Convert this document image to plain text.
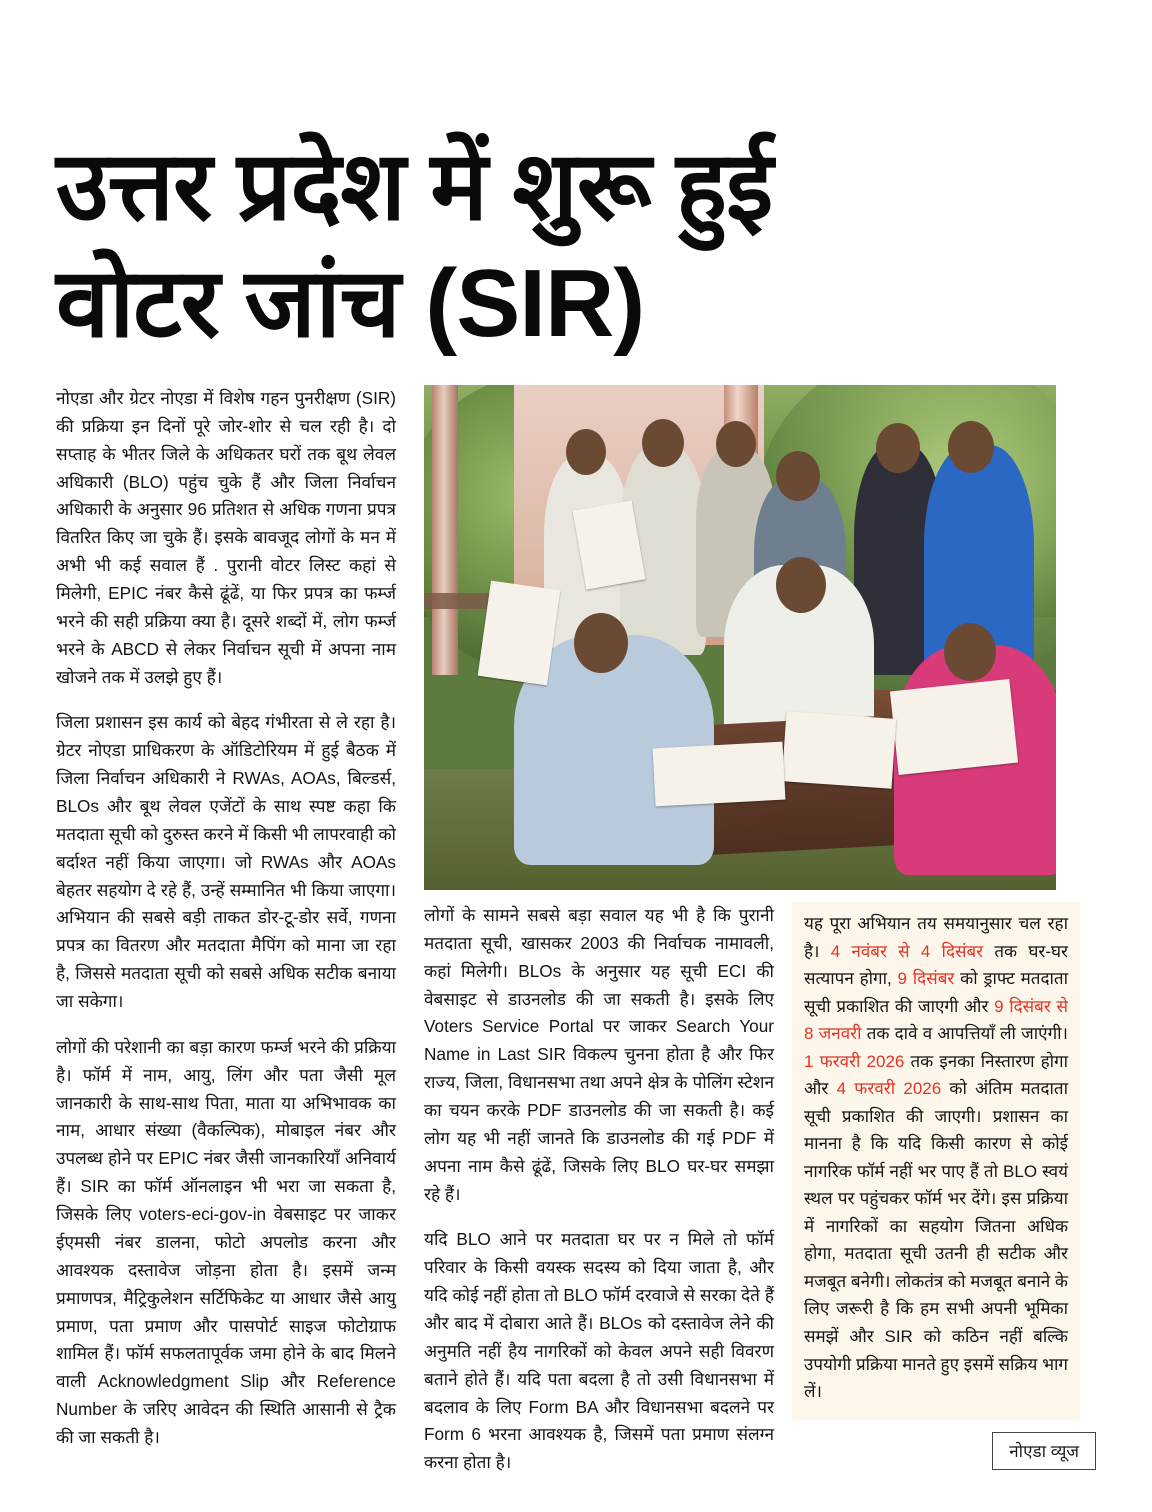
उत्तर प्रदेश में शुरू हुई
वोटर जांच (SIR)

नोएडा और ग्रेटर नोएडा में विशेष गहन पुनरीक्षण (SIR) की प्रक्रिया इन दिनों पूरे जोर-शोर से चल रही है। दो सप्ताह के भीतर जिले के अधिकतर घरों तक बूथ लेवल अधिकारी (BLO) पहुंच चुके हैं और जिला निर्वाचन अधिकारी के अनुसार 96 प्रतिशत से अधिक गणना प्रपत्र वितरित किए जा चुके हैं। इसके बावजूद लोगों के मन में अभी भी कई सवाल हैं . पुरानी वोटर लिस्ट कहां से मिलेगी, EPIC नंबर कैसे ढूंढें, या फिर प्रपत्र का फर्म्ज भरने की सही प्रक्रिया क्या है। दूसरे शब्दों में, लोग फर्म्ज भरने के ABCD से लेकर निर्वाचन सूची में अपना नाम खोजने तक में उलझे हुए हैं।

जिला प्रशासन इस कार्य को बेहद गंभीरता से ले रहा है। ग्रेटर नोएडा प्राधिकरण के ऑडिटोरियम में हुई बैठक में जिला निर्वाचन अधिकारी ने RWAs, AOAs, बिल्डर्स, BLOs और बूथ लेवल एजेंटों के साथ स्पष्ट कहा कि मतदाता सूची को दुरुस्त करने में किसी भी लापरवाही को बर्दाश्त नहीं किया जाएगा। जो RWAs और AOAs बेहतर सहयोग दे रहे हैं, उन्हें सम्मानित भी किया जाएगा। अभियान की सबसे बड़ी ताकत डोर-टू-डोर सर्वे, गणना प्रपत्र का वितरण और मतदाता मैपिंग को माना जा रहा है, जिससे मतदाता सूची को सबसे अधिक सटीक बनाया जा सकेगा।

लोगों की परेशानी का बड़ा कारण फर्म्ज भरने की प्रक्रिया है। फॉर्म में नाम, आयु, लिंग और पता जैसी मूल जानकारी के साथ-साथ पिता, माता या अभिभावक का नाम, आधार संख्या (वैकल्पिक), मोबाइल नंबर और उपलब्ध होने पर EPIC नंबर जैसी जानकारियाँ अनिवार्य हैं। SIR का फॉर्म ऑनलाइन भी भरा जा सकता है, जिसके लिए voters-eci-gov-in वेबसाइट पर जाकर ईएमसी नंबर डालना, फोटो अपलोड करना और आवश्यक दस्तावेज जोड़ना होता है। इसमें जन्म प्रमाणपत्र, मैट्रिकुलेशन सर्टिफिकेट या आधार जैसे आयु प्रमाण, पता प्रमाण और पासपोर्ट साइज फोटोग्राफ शामिल हैं। फॉर्म सफलतापूर्वक जमा होने के बाद मिलने वाली Acknowledgment Slip और Reference Number के जरिए आवेदन की स्थिति आसानी से ट्रैक की जा सकती है।

लोगों के सामने सबसे बड़ा सवाल यह भी है कि पुरानी मतदाता सूची, खासकर 2003 की निर्वाचक नामावली, कहां मिलेगी। BLOs के अनुसार यह सूची ECI की वेबसाइट से डाउनलोड की जा सकती है। इसके लिए Voters Service Portal पर जाकर Search Your Name in Last SIR विकल्प चुनना होता है और फिर राज्य, जिला, विधानसभा तथा अपने क्षेत्र के पोलिंग स्टेशन का चयन करके PDF डाउनलोड की जा सकती है। कई लोग यह भी नहीं जानते कि डाउनलोड की गई PDF में अपना नाम कैसे ढूंढें, जिसके लिए BLO घर-घर समझा रहे हैं।

यदि BLO आने पर मतदाता घर पर न मिले तो फॉर्म परिवार के किसी वयस्क सदस्य को दिया जाता है, और यदि कोई नहीं होता तो BLO फॉर्म दरवाजे से सरका देते हैं और बाद में दोबारा आते हैं। BLOs को दस्तावेज लेने की अनुमति नहीं हैय नागरिकों को केवल अपने सही विवरण बताने होते हैं। यदि पता बदला है तो उसी विधानसभा में बदलाव के लिए Form BA और विधानसभा बदलने पर Form 6 भरना आवश्यक है, जिसमें पता प्रमाण संलग्न करना होता है।

यह पूरा अभियान तय समयानुसार चल रहा है। 4 नवंबर से 4 दिसंबर तक घर-घर सत्यापन होगा, 9 दिसंबर को ड्राफ्ट मतदाता सूची प्रकाशित की जाएगी और 9 दिसंबर से 8 जनवरी तक दावे व आपत्तियाँ ली जाएंगी। 1 फरवरी 2026 तक इनका निस्तारण होगा और 4 फरवरी 2026 को अंतिम मतदाता सूची प्रकाशित की जाएगी। प्रशासन का मानना है कि यदि किसी कारण से कोई नागरिक फॉर्म नहीं भर पाए हैं तो BLO स्वयं स्थल पर पहुंचकर फॉर्म भर देंगे। इस प्रक्रिया में नागरिकों का सहयोग जितना अधिक होगा, मतदाता सूची उतनी ही सटीक और मजबूत बनेगी। लोकतंत्र को मजबूत बनाने के लिए जरूरी है कि हम सभी अपनी भूमिका समझें और SIR को कठिन नहीं बल्कि उपयोगी प्रक्रिया मानते हुए इसमें सक्रिय भाग लें।

नोएडा व्यूज
